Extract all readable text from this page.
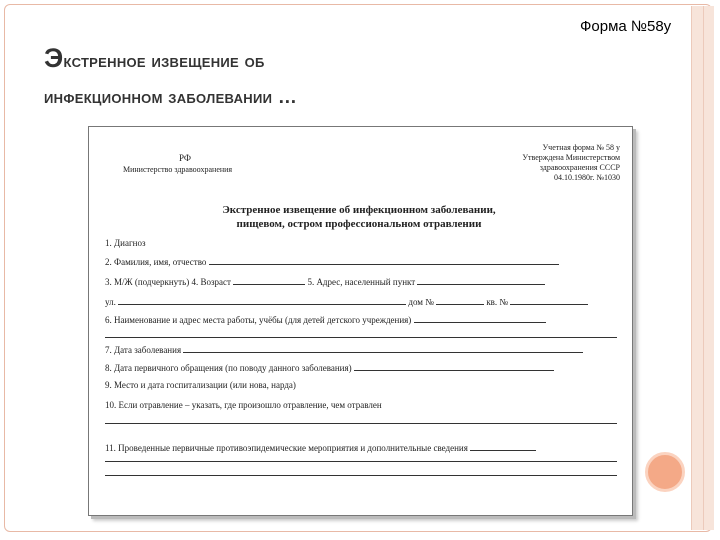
Форма №58у
Экстренное извещение об
инфекционном заболевании …
РФ
Министерство здравоохранения
Учетная форма № 58 у
Утверждена Министерством
здравоохранения СССР
04.10.1980г. №1030
Экстренное извещение об инфекционном заболевании,
пищевом, остром профессиональном отравлении
1. Диагноз
2. Фамилия, имя, отчество
3. М/Ж (подчеркнуть) 4. Возраст	5. Адрес, населенный пункт
ул.	дом №	кв. №
6. Наименование и адрес места работы, учёбы (для детей детского учреждения)
7. Дата заболевания
8. Дата первичного обращения (по поводу данного заболевания)
9. Место и дата госпитализации (или нова, нарда)
10. Если отравление – указать, где произошло отравление, чем отравлен
11. Проведенные первичные противоэпидемические мероприятия и дополнительные сведения
